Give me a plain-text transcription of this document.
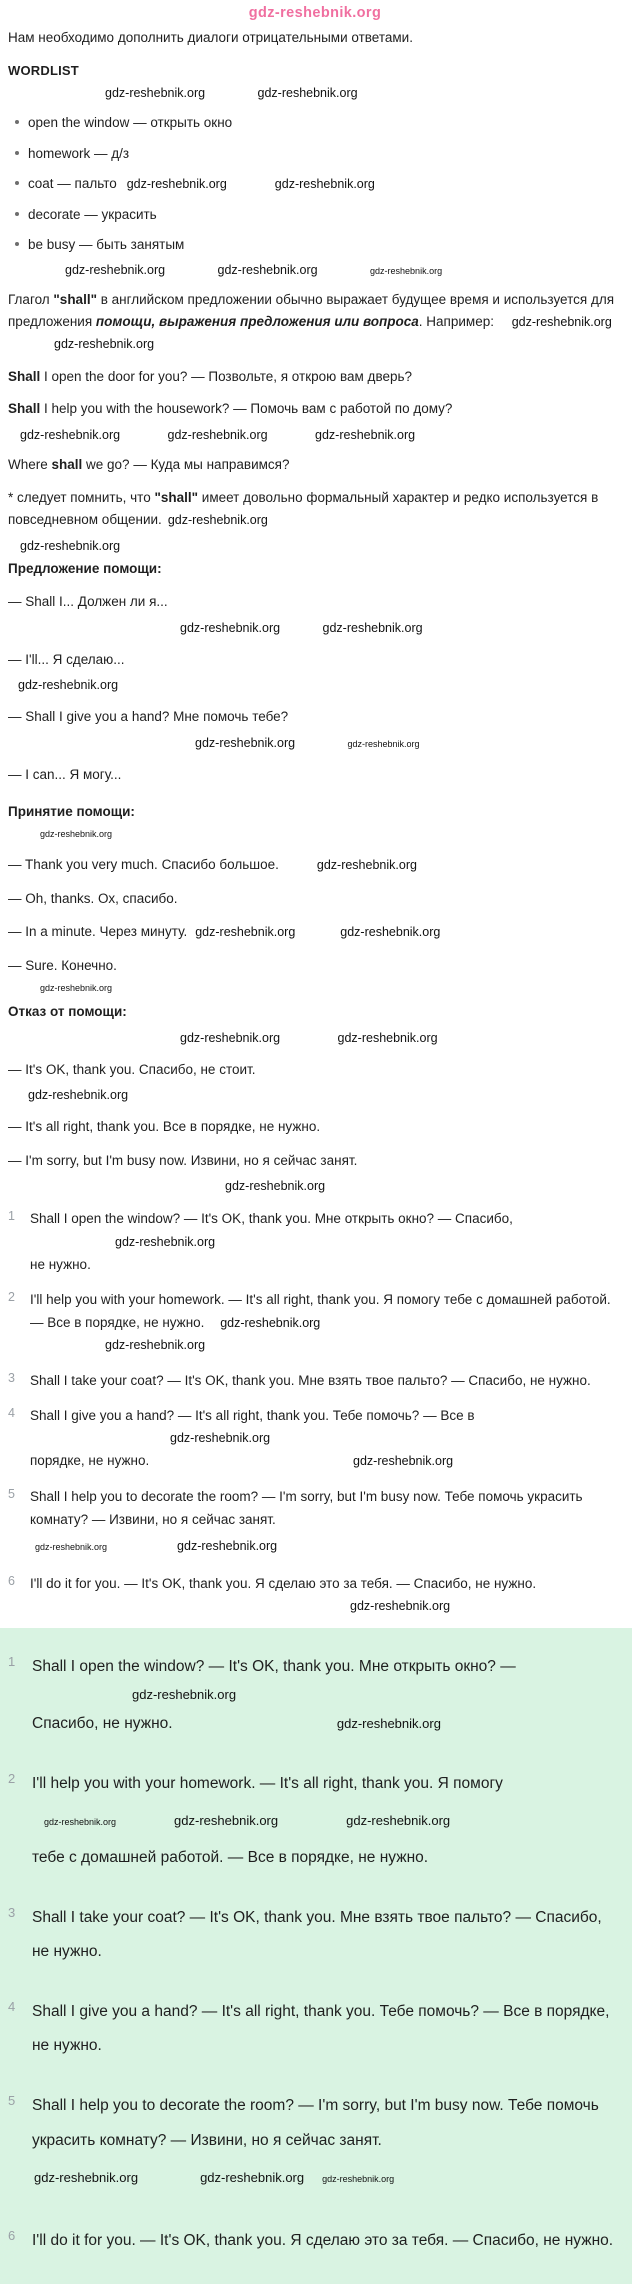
gdz-reshebnik.org

Нам необходимо дополнить диалоги отрицательными ответами.

WORDLIST
gdz-reshebnik.org	gdz-reshebnik.org
open the window — открыть окно
homework — д/з
coat — пальто gdz-reshebnik.org	gdz-reshebnik.org
decorate — украсить
be busy — быть занятым
gdz-reshebnik.org	gdz-reshebnik.org	gdz-reshebnik.org

Глагол "shall" в английском предложении обычно выражает будущее время и используется для предложения помощи, выражения предложения или вопроса. Например: gdz-reshebnik.org gdz-reshebnik.org

Shall I open the door for you? — Позвольте, я открою вам дверь?

Shall I help you with the housework? — Помочь вам с работой по дому?

gdz-reshebnik.org	gdz-reshebnik.org	gdz-reshebnik.org

Where shall we go? — Куда мы направимся?

* следует помнить, что "shall" имеет довольно формальный характер и редко используется в повседневном общении. gdz-reshebnik.org

gdz-reshebnik.org
Предложение помощи:

— Shall I... Должен ли я...

gdz-reshebnik.org	gdz-reshebnik.org

— I'll... Я сделаю...

gdz-reshebnik.org

— Shall I give you a hand? Мне помочь тебе?

gdz-reshebnik.org	gdz-reshebnik.org

— I can... Я могу...

Принятие помощи:
gdz-reshebnik.org

— Thank you very much. Спасибо большое.	gdz-reshebnik.org

— Oh, thanks. Ох, спасибо.

— In a minute. Через минуту. gdz-reshebnik.org	gdz-reshebnik.org

— Sure. Конечно.

gdz-reshebnik.org
Отказ от помощи:
gdz-reshebnik.org	gdz-reshebnik.org

— It's OK, thank you. Спасибо, не стоит.

gdz-reshebnik.org

— It's all right, thank you. Все в порядке, не нужно.

— I'm sorry, but I'm busy now. Извини, но я сейчас занят.

gdz-reshebnik.org
1	Shall I open the window? — It's OK, thank you. Мне открыть окно? — Спасибо,
gdz-reshebnik.org
не нужно.
2	I'll help you with your homework. — It's all right, thank you. Я помогу тебе с домашней работой. — Все в порядке, не нужно. gdz-reshebnik.org
gdz-reshebnik.org
3	Shall I take your coat? — It's OK, thank you. Мне взять твое пальто? — Спасибо, не нужно.
4	Shall I give you a hand? — It's all right, thank you. Тебе помочь? — Все в
gdz-reshebnik.org
порядке, не нужно.	gdz-reshebnik.org
5	Shall I help you to decorate the room? — I'm sorry, but I'm busy now. Тебе помочь украсить комнату? — Извини, но я сейчас занят.
gdz-reshebnik.org	gdz-reshebnik.org
6	I'll do it for you. — It's OK, thank you. Я сделаю это за тебя. — Спасибо, не нужно.
gdz-reshebnik.org
1	Shall I open the window? — It's OK, thank you. Мне открыть окно? —
gdz-reshebnik.org
Спасибо, не нужно.	gdz-reshebnik.org
2	I'll help you with your homework. — It's all right, thank you. Я помогу
gdz-reshebnik.org	gdz-reshebnik.org	gdz-reshebnik.org
тебе с домашней работой. — Все в порядке, не нужно.
3	Shall I take your coat? — It's OK, thank you. Мне взять твое пальто? — Спасибо, не нужно.
4	Shall I give you a hand? — It's all right, thank you. Тебе помочь? — Все в порядке, не нужно.
5	Shall I help you to decorate the room? — I'm sorry, but I'm busy now. Тебе помочь украсить комнату? — Извини, но я сейчас занят.
gdz-reshebnik.org	gdz-reshebnik.org gdz-reshebnik.org
6	I'll do it for you. — It's OK, thank you. Я сделаю это за тебя. — Спасибо, не нужно.
